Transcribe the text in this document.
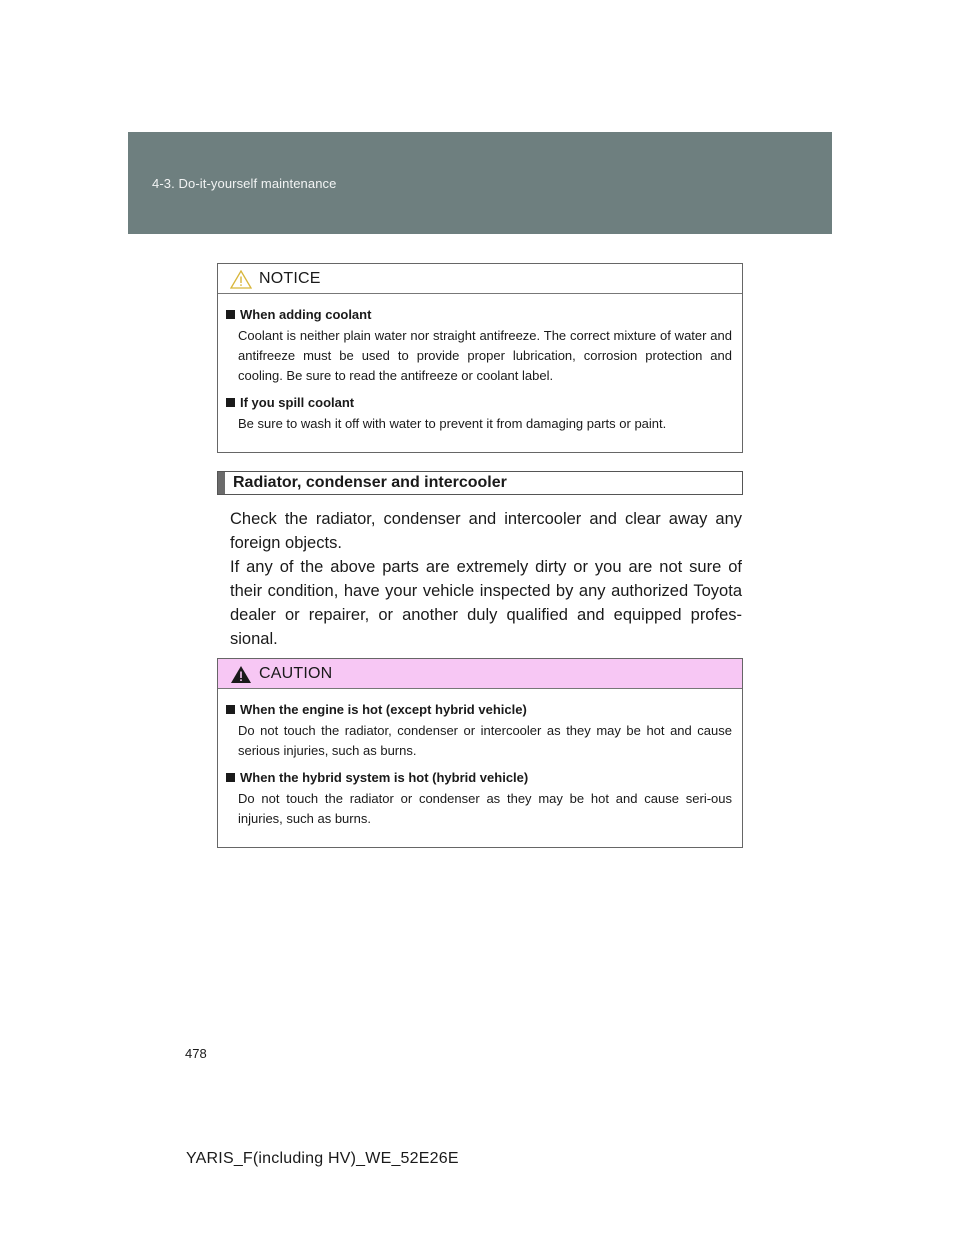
4-3. Do-it-yourself maintenance
NOTICE
When adding coolant
Coolant is neither plain water nor straight antifreeze. The correct mixture of water and antifreeze must be used to provide proper lubrication, corrosion protection and cooling. Be sure to read the antifreeze or coolant label.
If you spill coolant
Be sure to wash it off with water to prevent it from damaging parts or paint.
Radiator, condenser and intercooler

Check the radiator, condenser and intercooler and clear away any foreign objects.

If any of the above parts are extremely dirty or you are not sure of their condition, have your vehicle inspected by any authorized Toyota dealer or repairer, or another duly qualified and equipped profes-sional.

CAUTION
When the engine is hot (except hybrid vehicle)
Do not touch the radiator, condenser or intercooler as they may be hot and cause serious injuries, such as burns.
When the hybrid system is hot (hybrid vehicle)
Do not touch the radiator or condenser as they may be hot and cause seri-ous injuries, such as burns.
478
YARIS_F(including HV)_WE_52E26E
